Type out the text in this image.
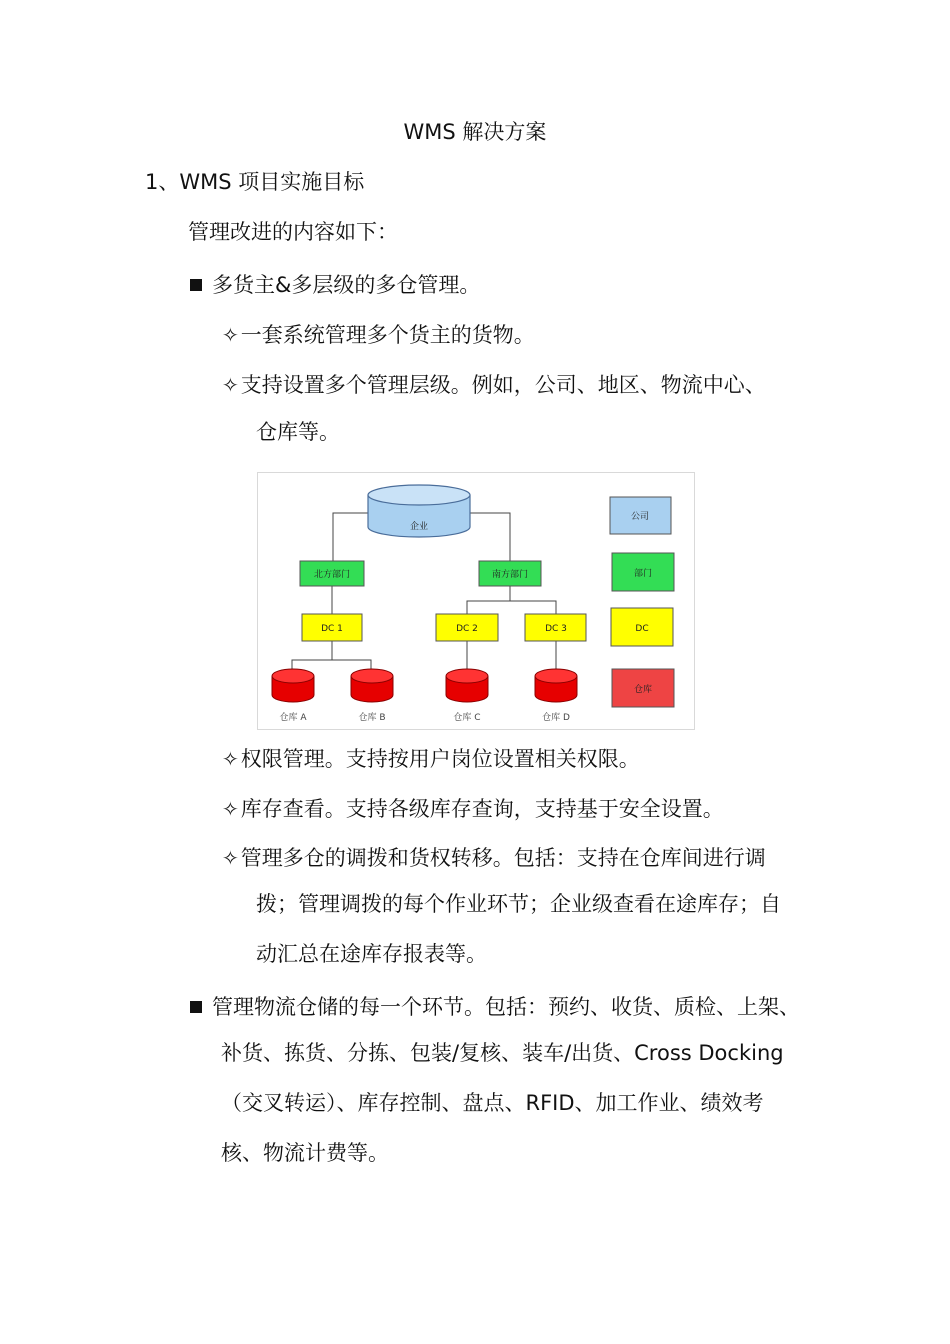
WMS 解决方案
1、WMS 项目实施目标
管理改进的内容如下：
多货主&多层级的多仓管理。
✧一套系统管理多个货主的货物。
✧支持设置多个管理层级。例如，公司、地区、物流中心、
仓库等。
企业
北方部门	南方部门
DC 1	DC 2	DC 3
仓库 A	仓库 B	仓库 C	仓库 D
公司
部门
DC
仓库
✧权限管理。支持按用户岗位设置相关权限。
✧库存查看。支持各级库存查询，支持基于安全设置。
✧管理多仓的调拨和货权转移。包括：支持在仓库间进行调
拨；管理调拨的每个作业环节；企业级查看在途库存；自
动汇总在途库存报表等。
管理物流仓储的每一个环节。包括：预约、收货、质检、上架、
补货、拣货、分拣、包装/复核、装车/出货、Cross Docking
（交叉转运）、库存控制、盘点、RFID、加工作业、绩效考
核、物流计费等。
